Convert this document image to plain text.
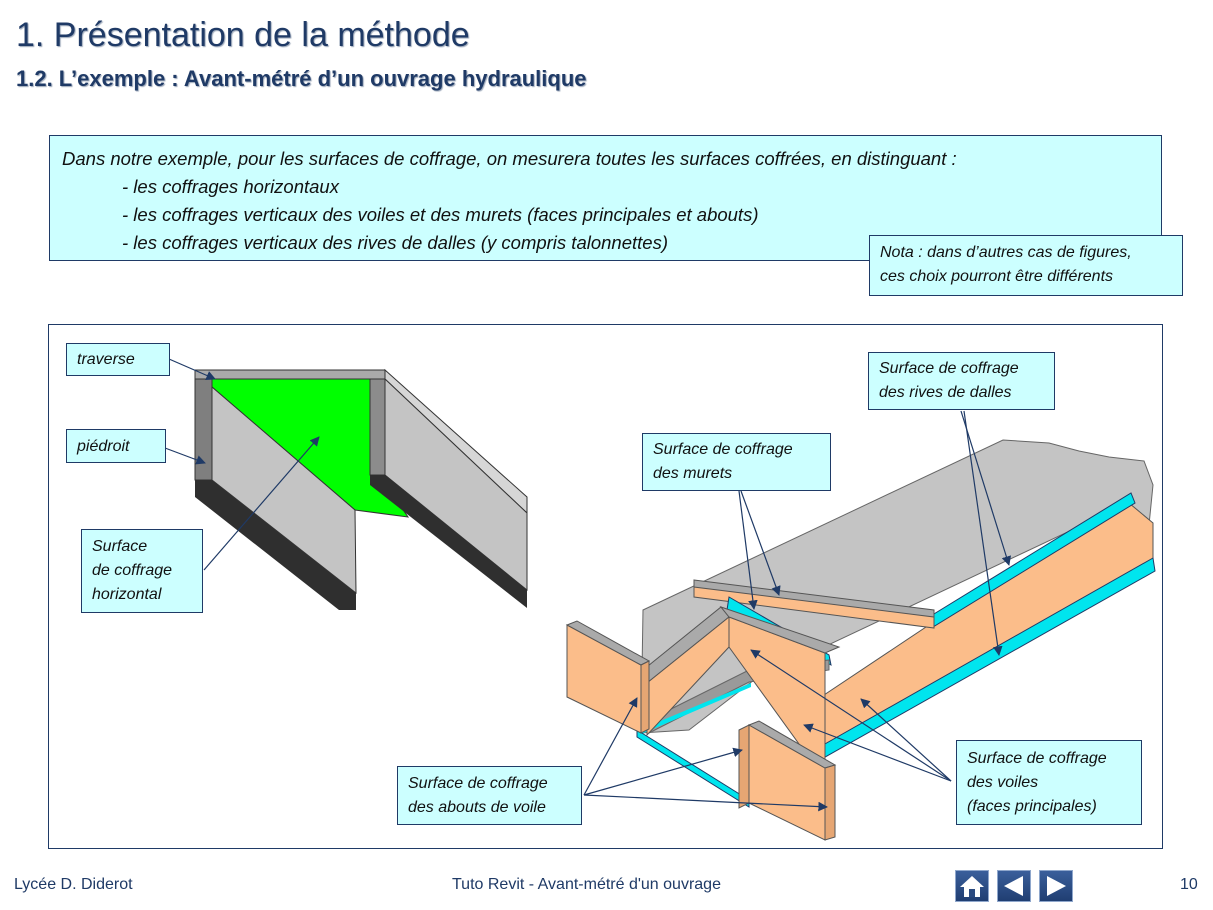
1. Présentation de la méthode
1.2. L’exemple : Avant-métré d’un ouvrage hydraulique
Dans notre exemple, pour les surfaces de coffrage, on mesurera toutes les surfaces coffrées, en distinguant :
- les coffrages horizontaux
- les coffrages verticaux des voiles et des murets (faces principales et abouts)
- les coffrages verticaux des rives de dalles (y compris talonnettes)	Nota : dans d’autres cas de figures,
ces choix pourront être différents
traverse
piédroit
Surface
de coffrage
horizontal
Surface de coffrage
des rives de dalles
Surface de coffrage
des murets
Surface de coffrage
des abouts de voile
Surface de coffrage
des voiles
(faces principales)
Lycée D. Diderot	Tuto Revit - Avant-métré d'un ouvrage	10
